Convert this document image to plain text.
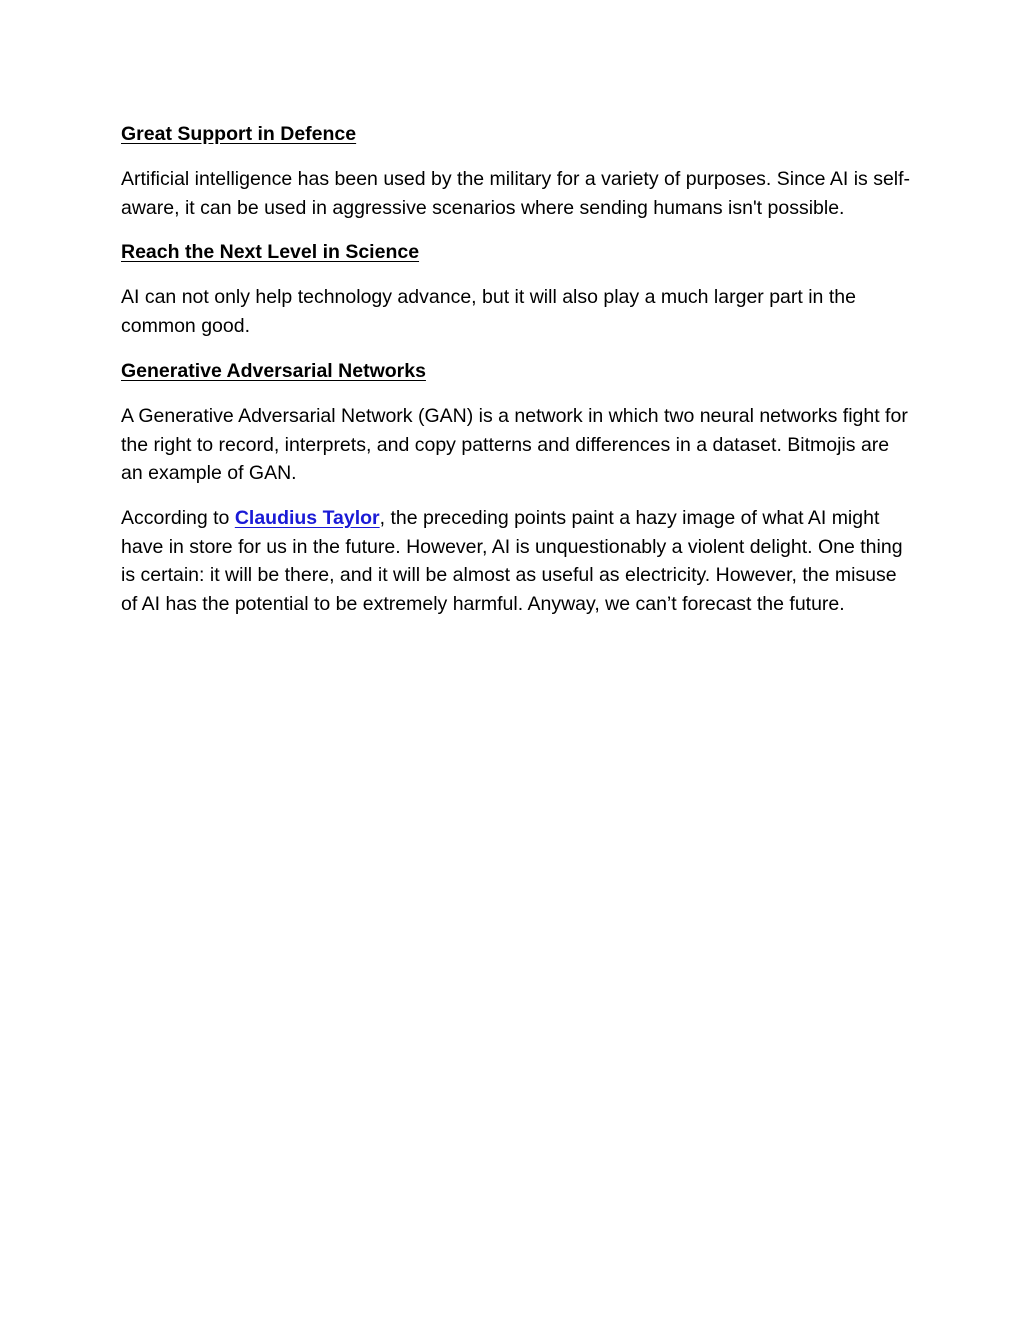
Great Support in Defence

Artificial intelligence has been used by the military for a variety of purposes. Since AI is self-aware, it can be used in aggressive scenarios where sending humans isn't possible.

Reach the Next Level in Science

AI can not only help technology advance, but it will also play a much larger part in the common good.

Generative Adversarial Networks

A Generative Adversarial Network (GAN) is a network in which two neural networks fight for the right to record, interprets, and copy patterns and differences in a dataset. Bitmojis are an example of GAN.

According to Claudius Taylor, the preceding points paint a hazy image of what AI might have in store for us in the future. However, AI is unquestionably a violent delight. One thing is certain: it will be there, and it will be almost as useful as electricity. However, the misuse of AI has the potential to be extremely harmful. Anyway, we can’t forecast the future.
